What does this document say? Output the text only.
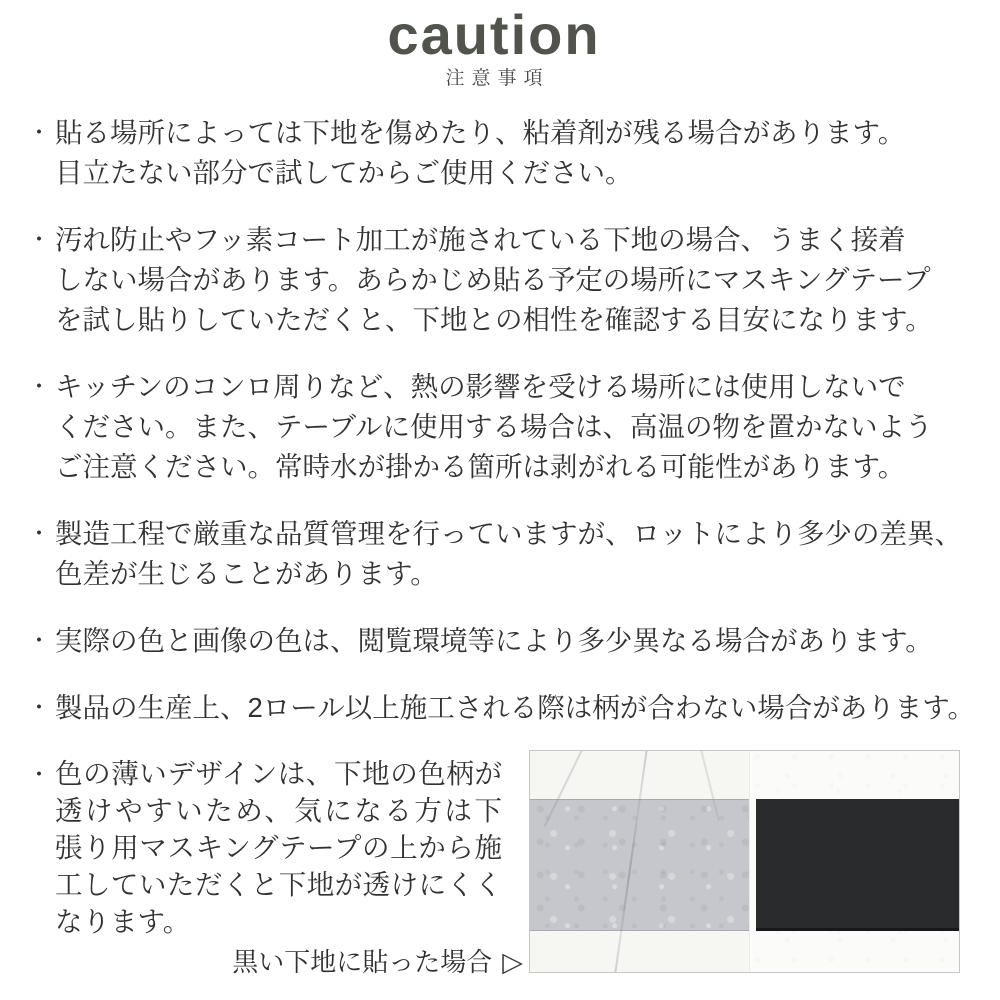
caution
注意事項
・ 貼る場所によっては下地を傷めたり、粘着剤が残る場合があります。
目立たない部分で試してからご使用ください。
・ 汚れ防止やフッ素コート加工が施されている下地の場合、うまく接着
しない場合があります。あらかじめ貼る予定の場所にマスキングテープ
を試し貼りしていただくと、下地との相性を確認する目安になります。
・ キッチンのコンロ周りなど、熱の影響を受ける場所には使用しないで
ください。また、テーブルに使用する場合は、高温の物を置かないよう
ご注意ください。常時水が掛かる箇所は剥がれる可能性があります。
・ 製造工程で厳重な品質管理を行っていますが、ロットにより多少の差異、
色差が生じることがあります。
・ 実際の色と画像の色は、閲覧環境等により多少異なる場合があります。
・ 製品の生産上、2ロール以上施工される際は柄が合わない場合があります。
・ 色の薄いデザインは、下地の色柄が
透けやすいため、気になる方は下
張り用マスキングテープの上から施
工していただくと下地が透けにくく
なります。
黒い下地に貼った場合 ▷
